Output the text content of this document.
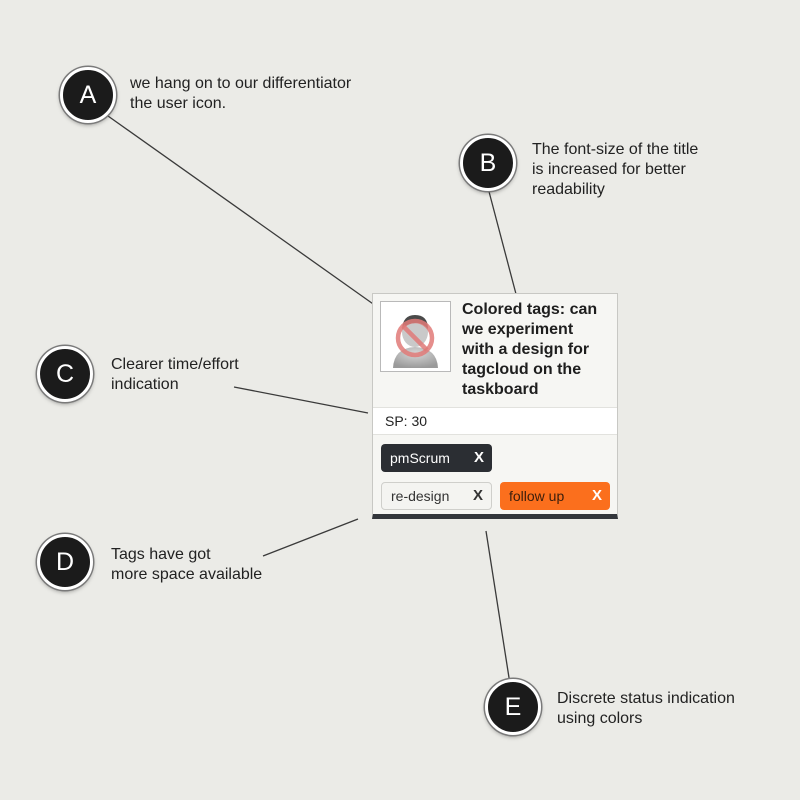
A	we hang on to our differentiator
the user icon.
B	The font-size of the title
is increased for better
readability
C	Clearer time/effort
indication
D	Tags have got
more space available
E	Discrete status indication
using colors
Colored tags: can
we experiment
with a design for
tagcloud on the
taskboard
SP: 30
pmScrum X
re-design X	follow up X
